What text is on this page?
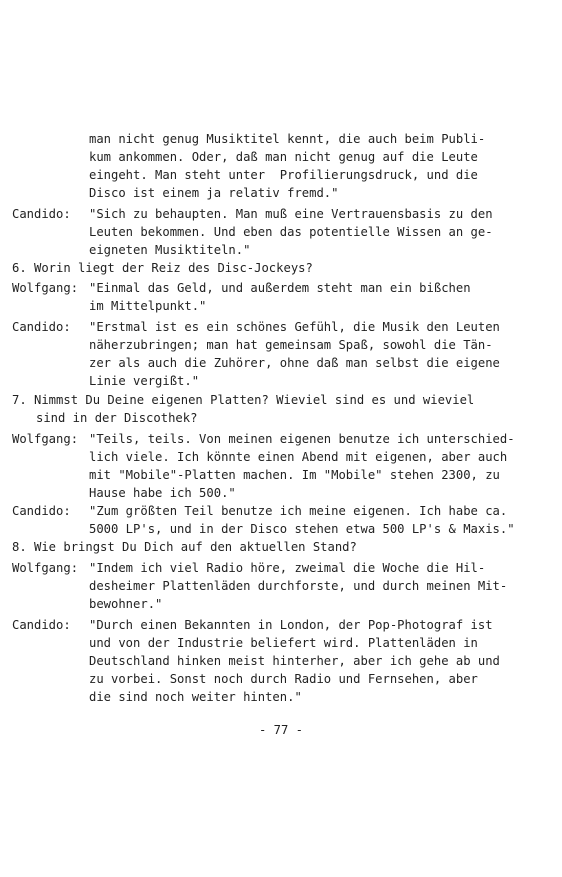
man nicht genug Musiktitel kennt, die auch beim Publi-
kum ankommen. Oder, daß man nicht genug auf die Leute
eingeht. Man steht unter  Profilierungsdruck, und die
Disco ist einem ja relativ fremd."
Candido: "Sich zu behaupten. Man muß eine Vertrauensbasis zu den
Leuten bekommen. Und eben das potentielle Wissen an ge-
eigneten Musiktiteln."
6. Worin liegt der Reiz des Disc-Jockeys?
Wolfgang: "Einmal das Geld, und außerdem steht man ein bißchen
im Mittelpunkt."
Candido: "Erstmal ist es ein schönes Gefühl, die Musik den Leuten
näherzubringen; man hat gemeinsam Spaß, sowohl die Tän-
zer als auch die Zuhörer, ohne daß man selbst die eigene
Linie vergißt."
7. Nimmst Du Deine eigenen Platten? Wieviel sind es und wieviel
sind in der Discothek?
Wolfgang: "Teils, teils. Von meinen eigenen benutze ich unterschied-
lich viele. Ich könnte einen Abend mit eigenen, aber auch
mit "Mobile"-Platten machen. Im "Mobile" stehen 2300, zu
Hause habe ich 500."
Candido: "Zum größten Teil benutze ich meine eigenen. Ich habe ca.
5000 LP's, und in der Disco stehen etwa 500 LP's & Maxis."
8. Wie bringst Du Dich auf den aktuellen Stand?
Wolfgang: "Indem ich viel Radio höre, zweimal die Woche die Hil-
desheimer Plattenläden durchforste, und durch meinen Mit-
bewohner."
Candido: "Durch einen Bekannten in London, der Pop-Photograf ist
und von der Industrie beliefert wird. Plattenläden in
Deutschland hinken meist hinterher, aber ich gehe ab und
zu vorbei. Sonst noch durch Radio und Fernsehen, aber
die sind noch weiter hinten."
- 77 -
